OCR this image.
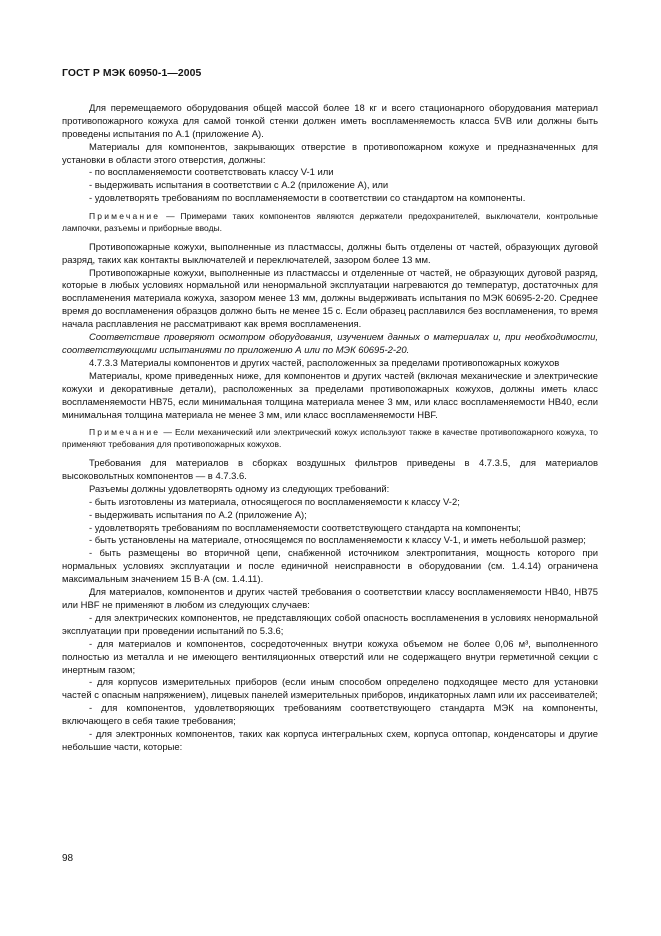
ГОСТ Р МЭК 60950-1—2005

Для перемещаемого оборудования общей массой более 18 кг и всего стационарного оборудования материал противопожарного кожуха для самой тонкой стенки должен иметь воспламеняемость класса 5VB или должны быть проведены испытания по А.1 (приложение А).

Материалы для компонентов, закрывающих отверстие в противопожарном кожухе и предназначенных для установки в области этого отверстия, должны:

- по воспламеняемости соответствовать классу V-1 или

- выдерживать испытания в соответствии с А.2 (приложение А), или

- удовлетворять требованиям по воспламеняемости в соответствии со стандартом на компоненты.

Примечание — Примерами таких компонентов являются держатели предохранителей, выключатели, контрольные лампочки, разъемы и приборные вводы.

Противопожарные кожухи, выполненные из пластмассы, должны быть отделены от частей, образующих дуговой разряд, таких как контакты выключателей и переключателей, зазором более 13 мм.

Противопожарные кожухи, выполненные из пластмассы и отделенные от частей, не образующих дуговой разряд, которые в любых условиях нормальной или ненормальной эксплуатации нагреваются до температур, достаточных для воспламенения материала кожуха, зазором менее 13 мм, должны выдерживать испытания по МЭК 60695-2-20. Среднее время до воспламенения образцов должно быть не менее 15 с. Если образец расплавился без воспламенения, то время начала расплавления не рассматривают как время воспламенения.

Соответствие проверяют осмотром оборудования, изучением данных о материалах и, при необходимости, соответствующими испытаниями по приложению А или по МЭК 60695-2-20.

4.7.3.3 Материалы компонентов и других частей, расположенных за пределами противопожарных кожухов

Материалы, кроме приведенных ниже, для компонентов и других частей (включая механические и электрические кожухи и декоративные детали), расположенных за пределами противопожарных кожухов, должны иметь класс воспламеняемости НВ75, если минимальная толщина материала менее 3 мм, или класс воспламеняемости НВ40, если минимальная толщина материала не менее 3 мм, или класс воспламеняемости HBF.

Примечание — Если механический или электрический кожух используют также в качестве противопожарного кожуха, то применяют требования для противопожарных кожухов.

Требования для материалов в сборках воздушных фильтров приведены в 4.7.3.5, для материалов высоковольтных компонентов — в 4.7.3.6.

Разъемы должны удовлетворять одному из следующих требований:

- быть изготовлены из материала, относящегося по воспламеняемости к классу V-2;

- выдерживать испытания по А.2 (приложение А);

- удовлетворять требованиям по воспламеняемости соответствующего стандарта на компоненты;

- быть установлены на материале, относящемся по воспламеняемости к классу V-1, и иметь небольшой размер;

- быть размещены во вторичной цепи, снабженной источником электропитания, мощность которого при нормальных условиях эксплуатации и после единичной неисправности в оборудовании (см. 1.4.14) ограничена максимальным значением 15 В·А (см. 1.4.11).

Для материалов, компонентов и других частей требования о соответствии классу воспламеняемости НВ40, НВ75 или HBF не применяют в любом из следующих случаев:

- для электрических компонентов, не представляющих собой опасность воспламенения в условиях ненормальной эксплуатации при проведении испытаний по 5.3.6;

- для материалов и компонентов, сосредоточенных внутри кожуха объемом не более 0,06 м³, выполненного полностью из металла и не имеющего вентиляционных отверстий или не содержащего внутри герметичной секции с инертным газом;

- для корпусов измерительных приборов (если иным способом определено подходящее место для установки частей с опасным напряжением), лицевых панелей измерительных приборов, индикаторных ламп или их рассеивателей;

- для компонентов, удовлетворяющих требованиям соответствующего стандарта МЭК на компоненты, включающего в себя такие требования;

- для электронных компонентов, таких как корпуса интегральных схем, корпуса оптопар, конденсаторы и другие небольшие части, которые:

98
